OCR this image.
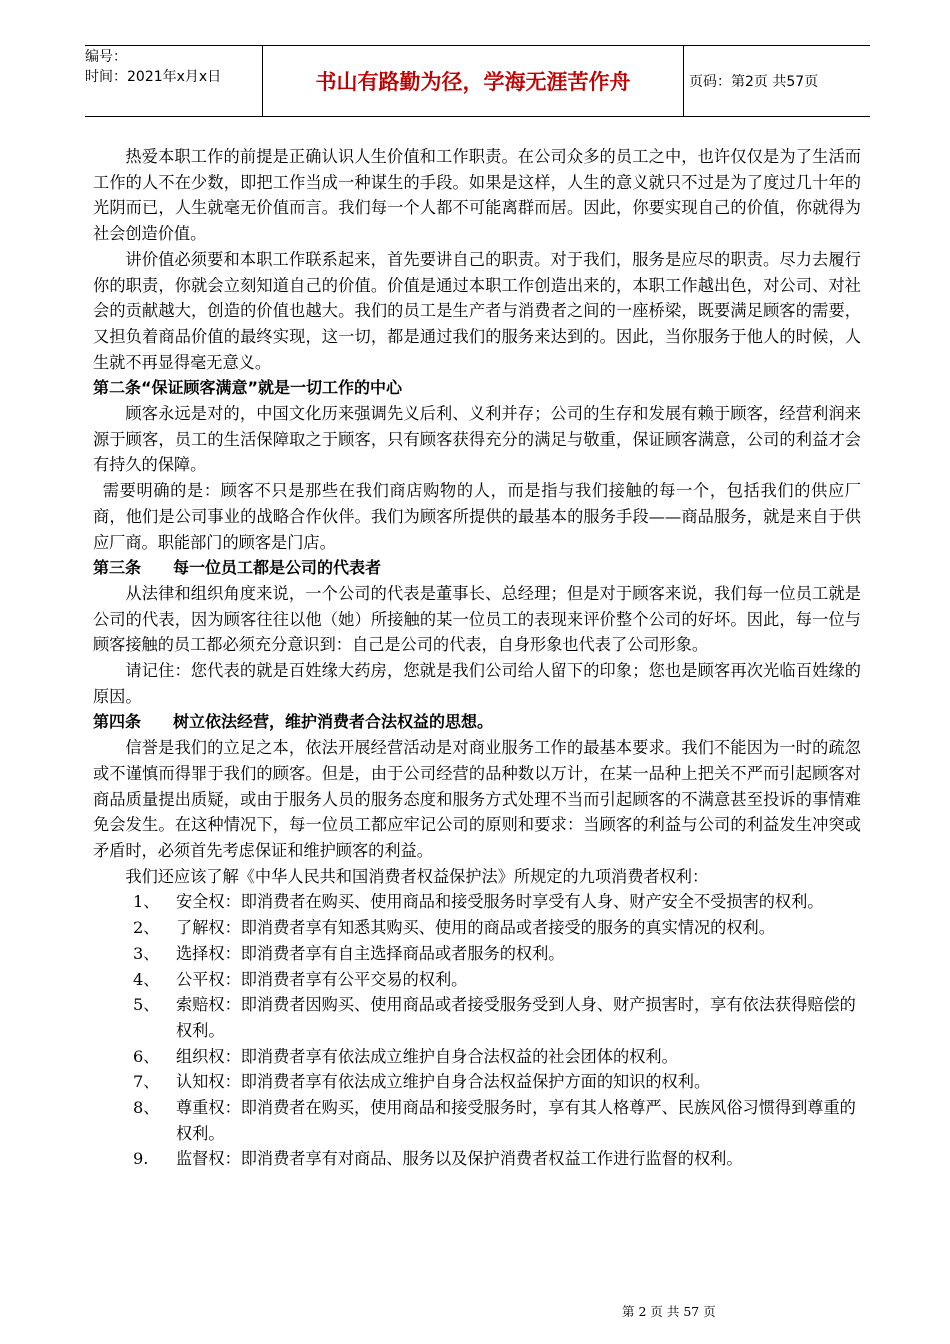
编号：
时间：2021年x月x日	书山有路勤为径，学海无涯苦作舟	页码：第2页 共57页

热爱本职工作的前提是正确认识人生价值和工作职责。在公司众多的员工之中，也许仅仅是为了生活而工作的人不在少数，即把工作当成一种谋生的手段。如果是这样，人生的意义就只不过是为了度过几十年的光阴而已，人生就毫无价值而言。我们每一个人都不可能离群而居。因此，你要实现自己的价值，你就得为社会创造价值。

讲价值必须要和本职工作联系起来，首先要讲自己的职责。对于我们，服务是应尽的职责。尽力去履行你的职责，你就会立刻知道自己的价值。价值是通过本职工作创造出来的，本职工作越出色，对公司、对社会的贡献越大，创造的价值也越大。我们的员工是生产者与消费者之间的一座桥梁，既要满足顾客的需要，又担负着商品价值的最终实现，这一切，都是通过我们的服务来达到的。因此，当你服务于他人的时候，人生就不再显得毫无意义。

第二条“保证顾客满意”就是一切工作的中心

顾客永远是对的，中国文化历来强调先义后利、义利并存；公司的生存和发展有赖于顾客，经营利润来源于顾客，员工的生活保障取之于顾客，只有顾客获得充分的满足与敬重，保证顾客满意，公司的利益才会有持久的保障。

需要明确的是：顾客不只是那些在我们商店购物的人，而是指与我们接触的每一个，包括我们的供应厂商，他们是公司事业的战略合作伙伴。我们为顾客所提供的最基本的服务手段——商品服务，就是来自于供应厂商。职能部门的顾客是门店。

第三条 每一位员工都是公司的代表者

从法律和组织角度来说，一个公司的代表是董事长、总经理；但是对于顾客来说，我们每一位员工就是公司的代表，因为顾客往往以他（她）所接触的某一位员工的表现来评价整个公司的好坏。因此，每一位与顾客接触的员工都必须充分意识到：自己是公司的代表，自身形象也代表了公司形象。

请记住：您代表的就是百姓缘大药房，您就是我们公司给人留下的印象；您也是顾客再次光临百姓缘的原因。

第四条 树立依法经营，维护消费者合法权益的思想。

信誉是我们的立足之本，依法开展经营活动是对商业服务工作的最基本要求。我们不能因为一时的疏忽或不谨慎而得罪于我们的顾客。但是，由于公司经营的品种数以万计，在某一品种上把关不严而引起顾客对商品质量提出质疑，或由于服务人员的服务态度和服务方式处理不当而引起顾客的不满意甚至投诉的事情难免会发生。在这种情况下，每一位员工都应牢记公司的原则和要求：当顾客的利益与公司的利益发生冲突或矛盾时，必须首先考虑保证和维护顾客的利益。

我们还应该了解《中华人民共和国消费者权益保护法》所规定的九项消费者权利：

1、	安全权：即消费者在购买、使用商品和接受服务时享受有人身、财产安全不受损害的权利。
2、	了解权：即消费者享有知悉其购买、使用的商品或者接受的服务的真实情况的权利。
3、	选择权：即消费者享有自主选择商品或者服务的权利。
4、	公平权：即消费者享有公平交易的权利。
5、	索赔权：即消费者因购买、使用商品或者接受服务受到人身、财产损害时，享有依法获得赔偿的权利。
6、	组织权：即消费者享有依法成立维护自身合法权益的社会团体的权利。
7、	认知权：即消费者享有依法成立维护自身合法权益保护方面的知识的权利。
8、	尊重权：即消费者在购买，使用商品和接受服务时，享有其人格尊严、民族风俗习惯得到尊重的权利。
9.	监督权：即消费者享有对商品、服务以及保护消费者权益工作进行监督的权利。
第 2 页 共 57 页
